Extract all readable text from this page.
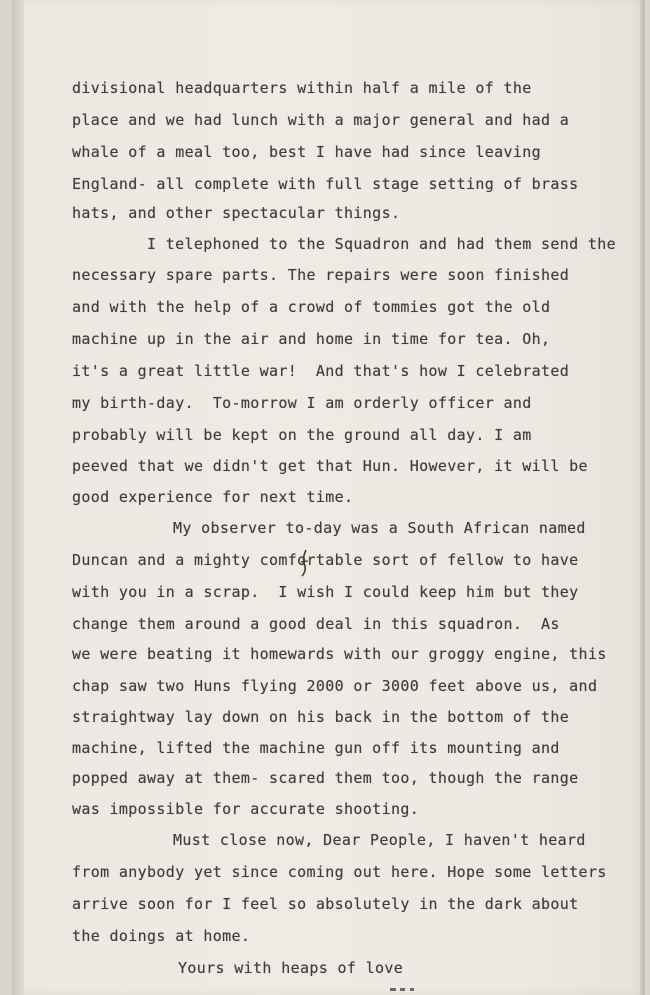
divisional headquarters within half a mile of the
place and we had lunch with a major general and had a
whale of a meal too, best I have had since leaving
England- all complete with full stage setting of brass
hats, and other spectacular things.
I telephoned to the Squadron and had them send the
necessary spare parts. The repairs were soon finished
and with the help of a crowd of tommies got the old
machine up in the air and home in time for tea. Oh,
it's a great little war!  And that's how I celebrated
my birth-day.  To-morrow I am orderly officer and
probably will be kept on the ground all day. I am
peeved that we didn't get that Hun. However, it will be
good experience for next time.
My observer to-day was a South African named
Duncan and a mighty comfortable sort of fellow to have
with you in a scrap.  I wish I could keep him but they
change them around a good deal in this squadron.  As
we were beating it homewards with our groggy engine, this
chap saw two Huns flying 2000 or 3000 feet above us, and
straightway lay down on his back in the bottom of the
machine, lifted the machine gun off its mounting and
popped away at them- scared them too, though the range
was impossible for accurate shooting.
Must close now, Dear People, I haven't heard
from anybody yet since coming out here. Hope some letters
arrive soon for I feel so absolutely in the dark about
the doings at home.
Yours with heaps of love
